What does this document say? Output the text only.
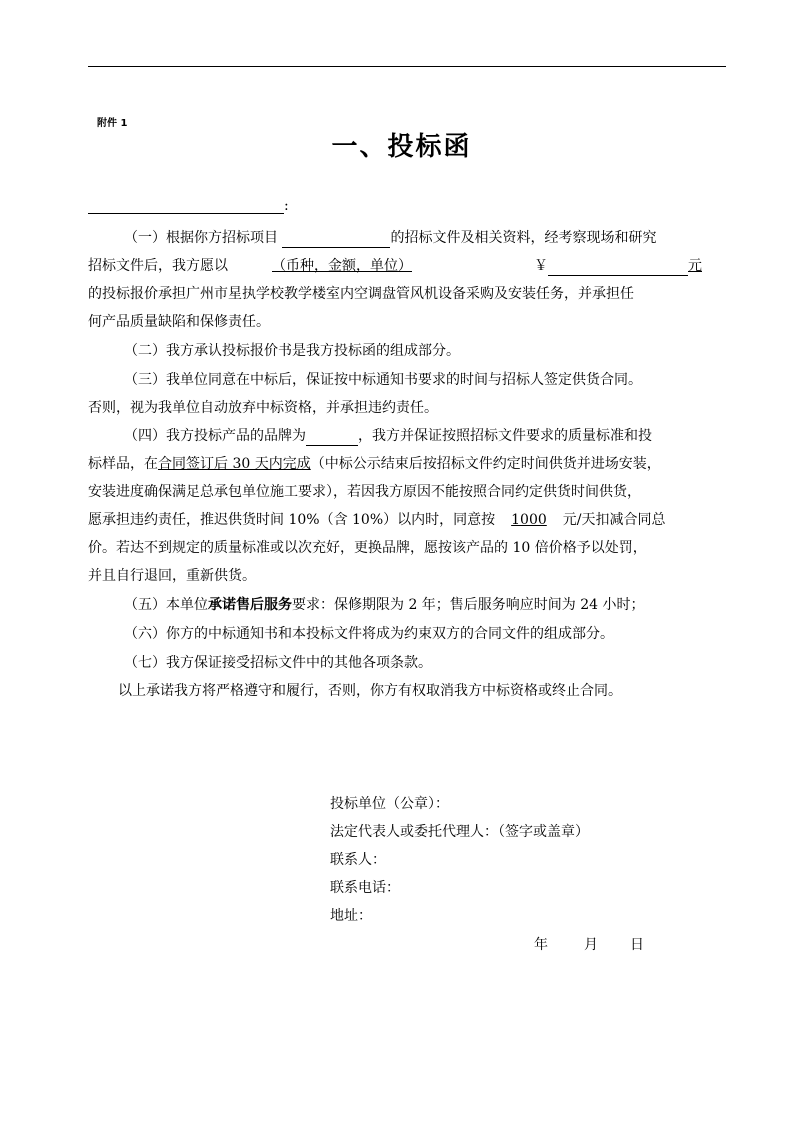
附件 1
一、投标函
:
（一）根据你方招标项目	的招标文件及相关资料，经考察现场和研究
招标文件后，我方愿以	（币种，金额，单位）	￥	元
的投标报价承担广州市星执学校教学楼室内空调盘管风机设备采购及安装任务，并承担任
何产品质量缺陷和保修责任。
（二）我方承认投标报价书是我方投标函的组成部分。
（三）我单位同意在中标后，保证按中标通知书要求的时间与招标人签定供货合同。
否则，视为我单位自动放弃中标资格，并承担违约责任。
（四）我方投标产品的品牌为	，我方并保证按照招标文件要求的质量标准和投
标样品，在合同签订后 30 天内完成（中标公示结束后按招标文件约定时间供货并进场安装，
安装进度确保满足总承包单位施工要求），若因我方原因不能按照合同约定供货时间供货，
愿承担违约责任，推迟供货时间 10%（含 10%）以内时，同意按 1000 元/天扣减合同总
价。若达不到规定的质量标准或以次充好，更换品牌，愿按该产品的 10 倍价格予以处罚，
并且自行退回，重新供货。
（五）本单位承诺售后服务要求：保修期限为 2 年；售后服务响应时间为 24 小时；
（六）你方的中标通知书和本投标文件将成为约束双方的合同文件的组成部分。
（七）我方保证接受招标文件中的其他各项条款。
以上承诺我方将严格遵守和履行，否则，你方有权取消我方中标资格或终止合同。
投标单位（公章）：
法定代表人或委托代理人：（签字或盖章）
联系人：
联系电话：
地址：
年	月 日
